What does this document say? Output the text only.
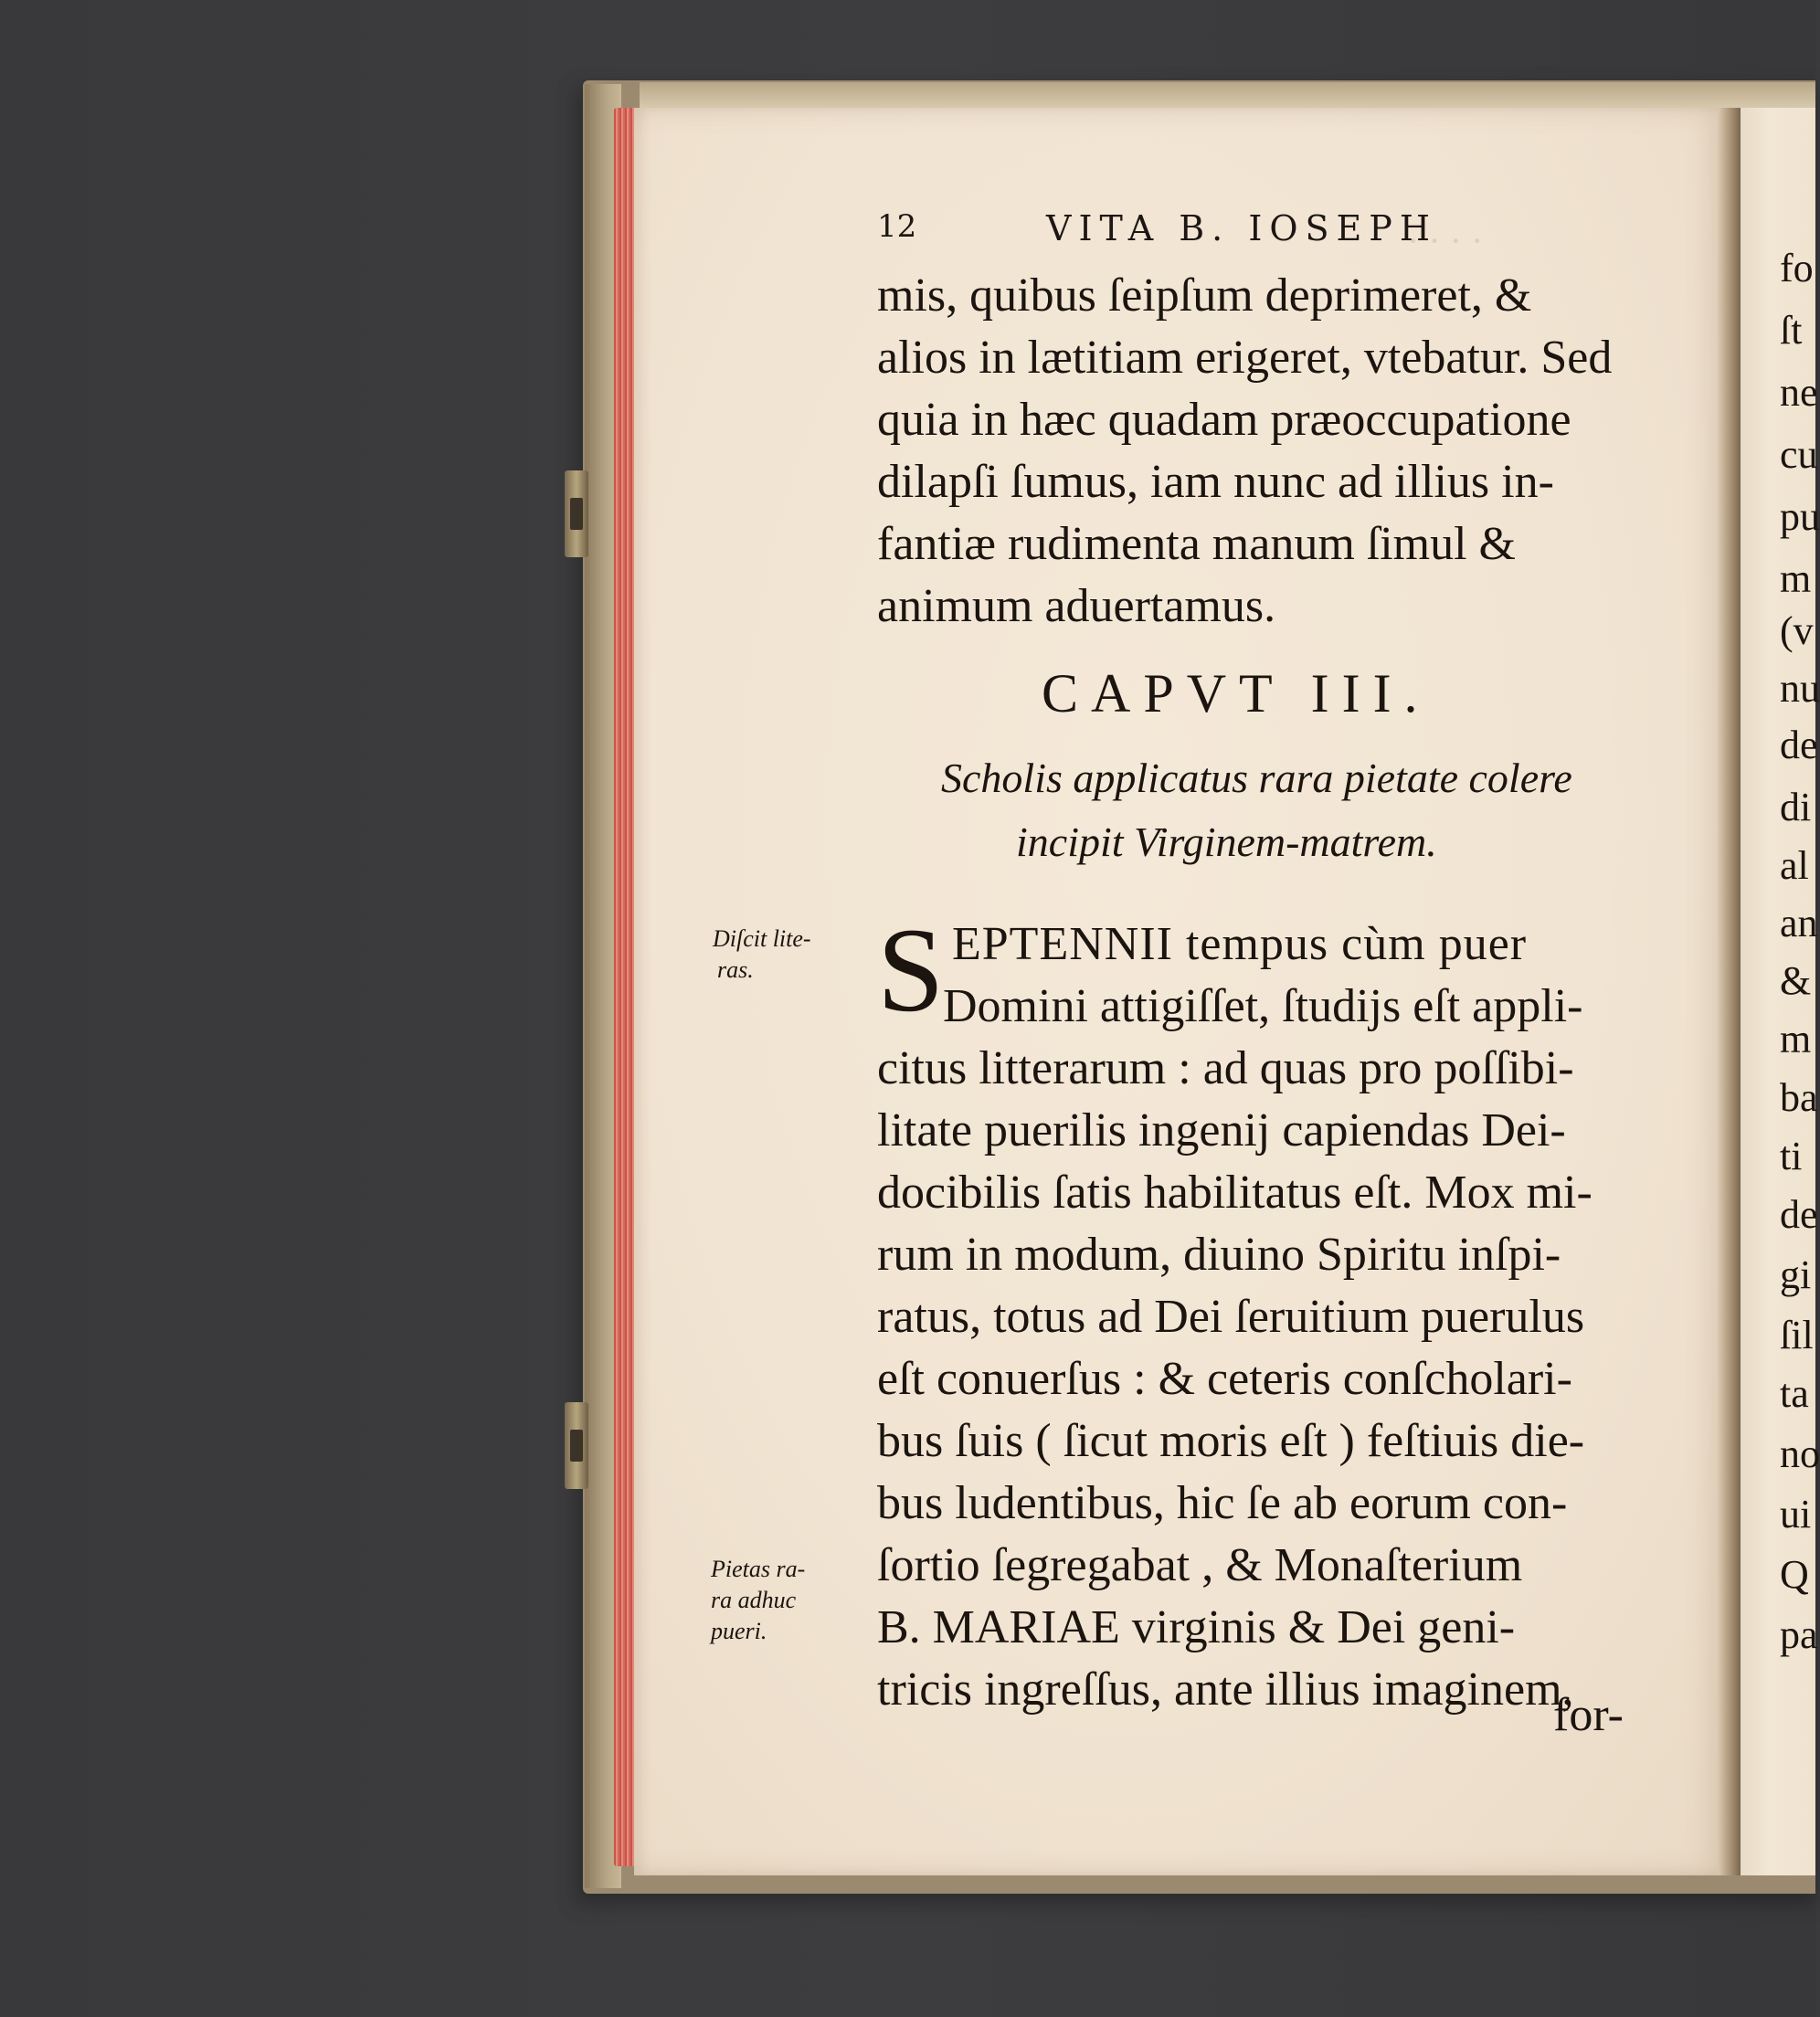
· · · ·
12	VITA B. IOSEPH
mis, quibus ſeipſum deprimeret, &
alios in lætitiam erigeret, vtebatur. Sed
quia in hæc quadam præoccupatione
dilapſi ſumus, iam nunc ad illius in-
fantiæ rudimenta manum ſimul &
animum aduertamus.
CAPVT III.
Scholis applicatus rara pietate colere
incipit Virginem-matrem.
Diſcit lite-
ras.
Pietas ra-
ra adhuc
pueri.
S EPTENNII tempus cùm puer
Domini attigiſſet, ſtudijs eſt appli-
citus litterarum : ad quas pro poſſibi-
litate puerilis ingenij capiendas Dei-
docibilis ſatis habilitatus eſt. Mox mi-
rum in modum, diuino Spiritu inſpi-
ratus, totus ad Dei ſeruitium puerulus
eſt conuerſus : & ceteris conſcholari-
bus ſuis ( ſicut moris eſt ) feſtiuis die-
bus ludentibus, hic ſe ab eorum con-
ſortio ſegregabat , & Monaſterium
B. MARIAE virginis & Dei geni-
tricis ingreſſus, ante illius imaginem,
for-
fo
ſt
ne
cu
pu
m
(v
nu
de
di
al
an
&
m
ba
ti
de
gi
ſil
ta
no
ui
Q
pa
